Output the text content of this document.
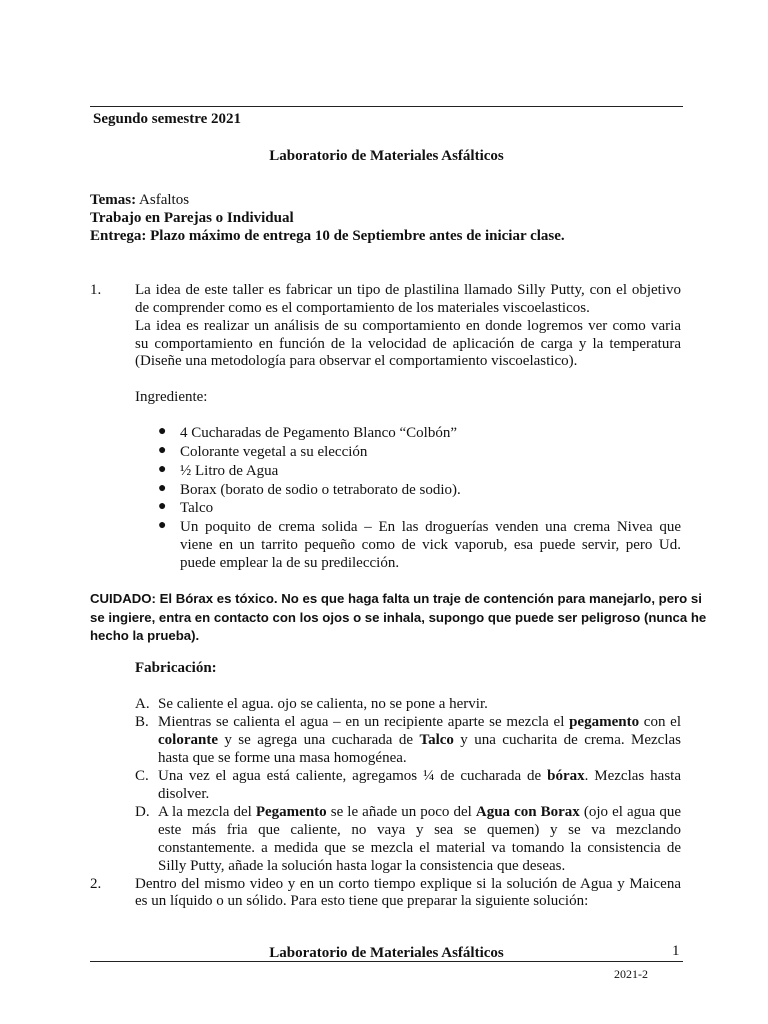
Segundo semestre 2021
Laboratorio de Materiales Asfálticos
Temas: Asfaltos
Trabajo en Parejas o Individual
Entrega: Plazo máximo de entrega 10 de Septiembre antes de iniciar clase.
1. La idea de este taller es fabricar un tipo de plastilina llamado Silly Putty, con el objetivo
de comprender como es el comportamiento de los materiales viscoelasticos.
La idea es realizar un análisis de su comportamiento en donde logremos ver como varia
su comportamiento en función de la velocidad de aplicación de carga y la temperatura
(Diseñe una metodología para observar el comportamiento viscoelastico).
Ingrediente:
● 4 Cucharadas de Pegamento Blanco “Colbón”
● Colorante vegetal a su elección
● ½ Litro de Agua
● Borax (borato de sodio o tetraborato de sodio).
● Talco
● Un poquito de crema solida – En las droguerías venden una crema Nivea que
viene en un tarrito pequeño como de vick vaporub, esa puede servir, pero Ud.
puede emplear la de su predilección.
CUIDADO: El Bórax es tóxico. No es que haga falta un traje de contención para manejarlo, pero si
se ingiere, entra en contacto con los ojos o se inhala, supongo que puede ser peligroso (nunca he
hecho la prueba).
Fabricación:
A. Se caliente el agua. ojo se calienta, no se pone a hervir.
B. Mientras se calienta el agua – en un recipiente aparte se mezcla el pegamento con el
colorante y se agrega una cucharada de Talco y una cucharita de crema. Mezclas
hasta que se forme una masa homogénea.
C. Una vez el agua está caliente, agregamos ¼ de cucharada de bórax. Mezclas hasta
disolver.
D. A la mezcla del Pegamento se le añade un poco del Agua con Borax (ojo el agua que
este más fria que caliente, no vaya y sea se quemen) y se va mezclando
constantemente. a medida que se mezcla el material va tomando la consistencia de
Silly Putty, añade la solución hasta logar la consistencia que deseas.
2. Dentro del mismo video y en un corto tiempo explique si la solución de Agua y Maicena
es un líquido o un sólido. Para esto tiene que preparar la siguiente solución:
Laboratorio de Materiales Asfálticos	1
2021-2
